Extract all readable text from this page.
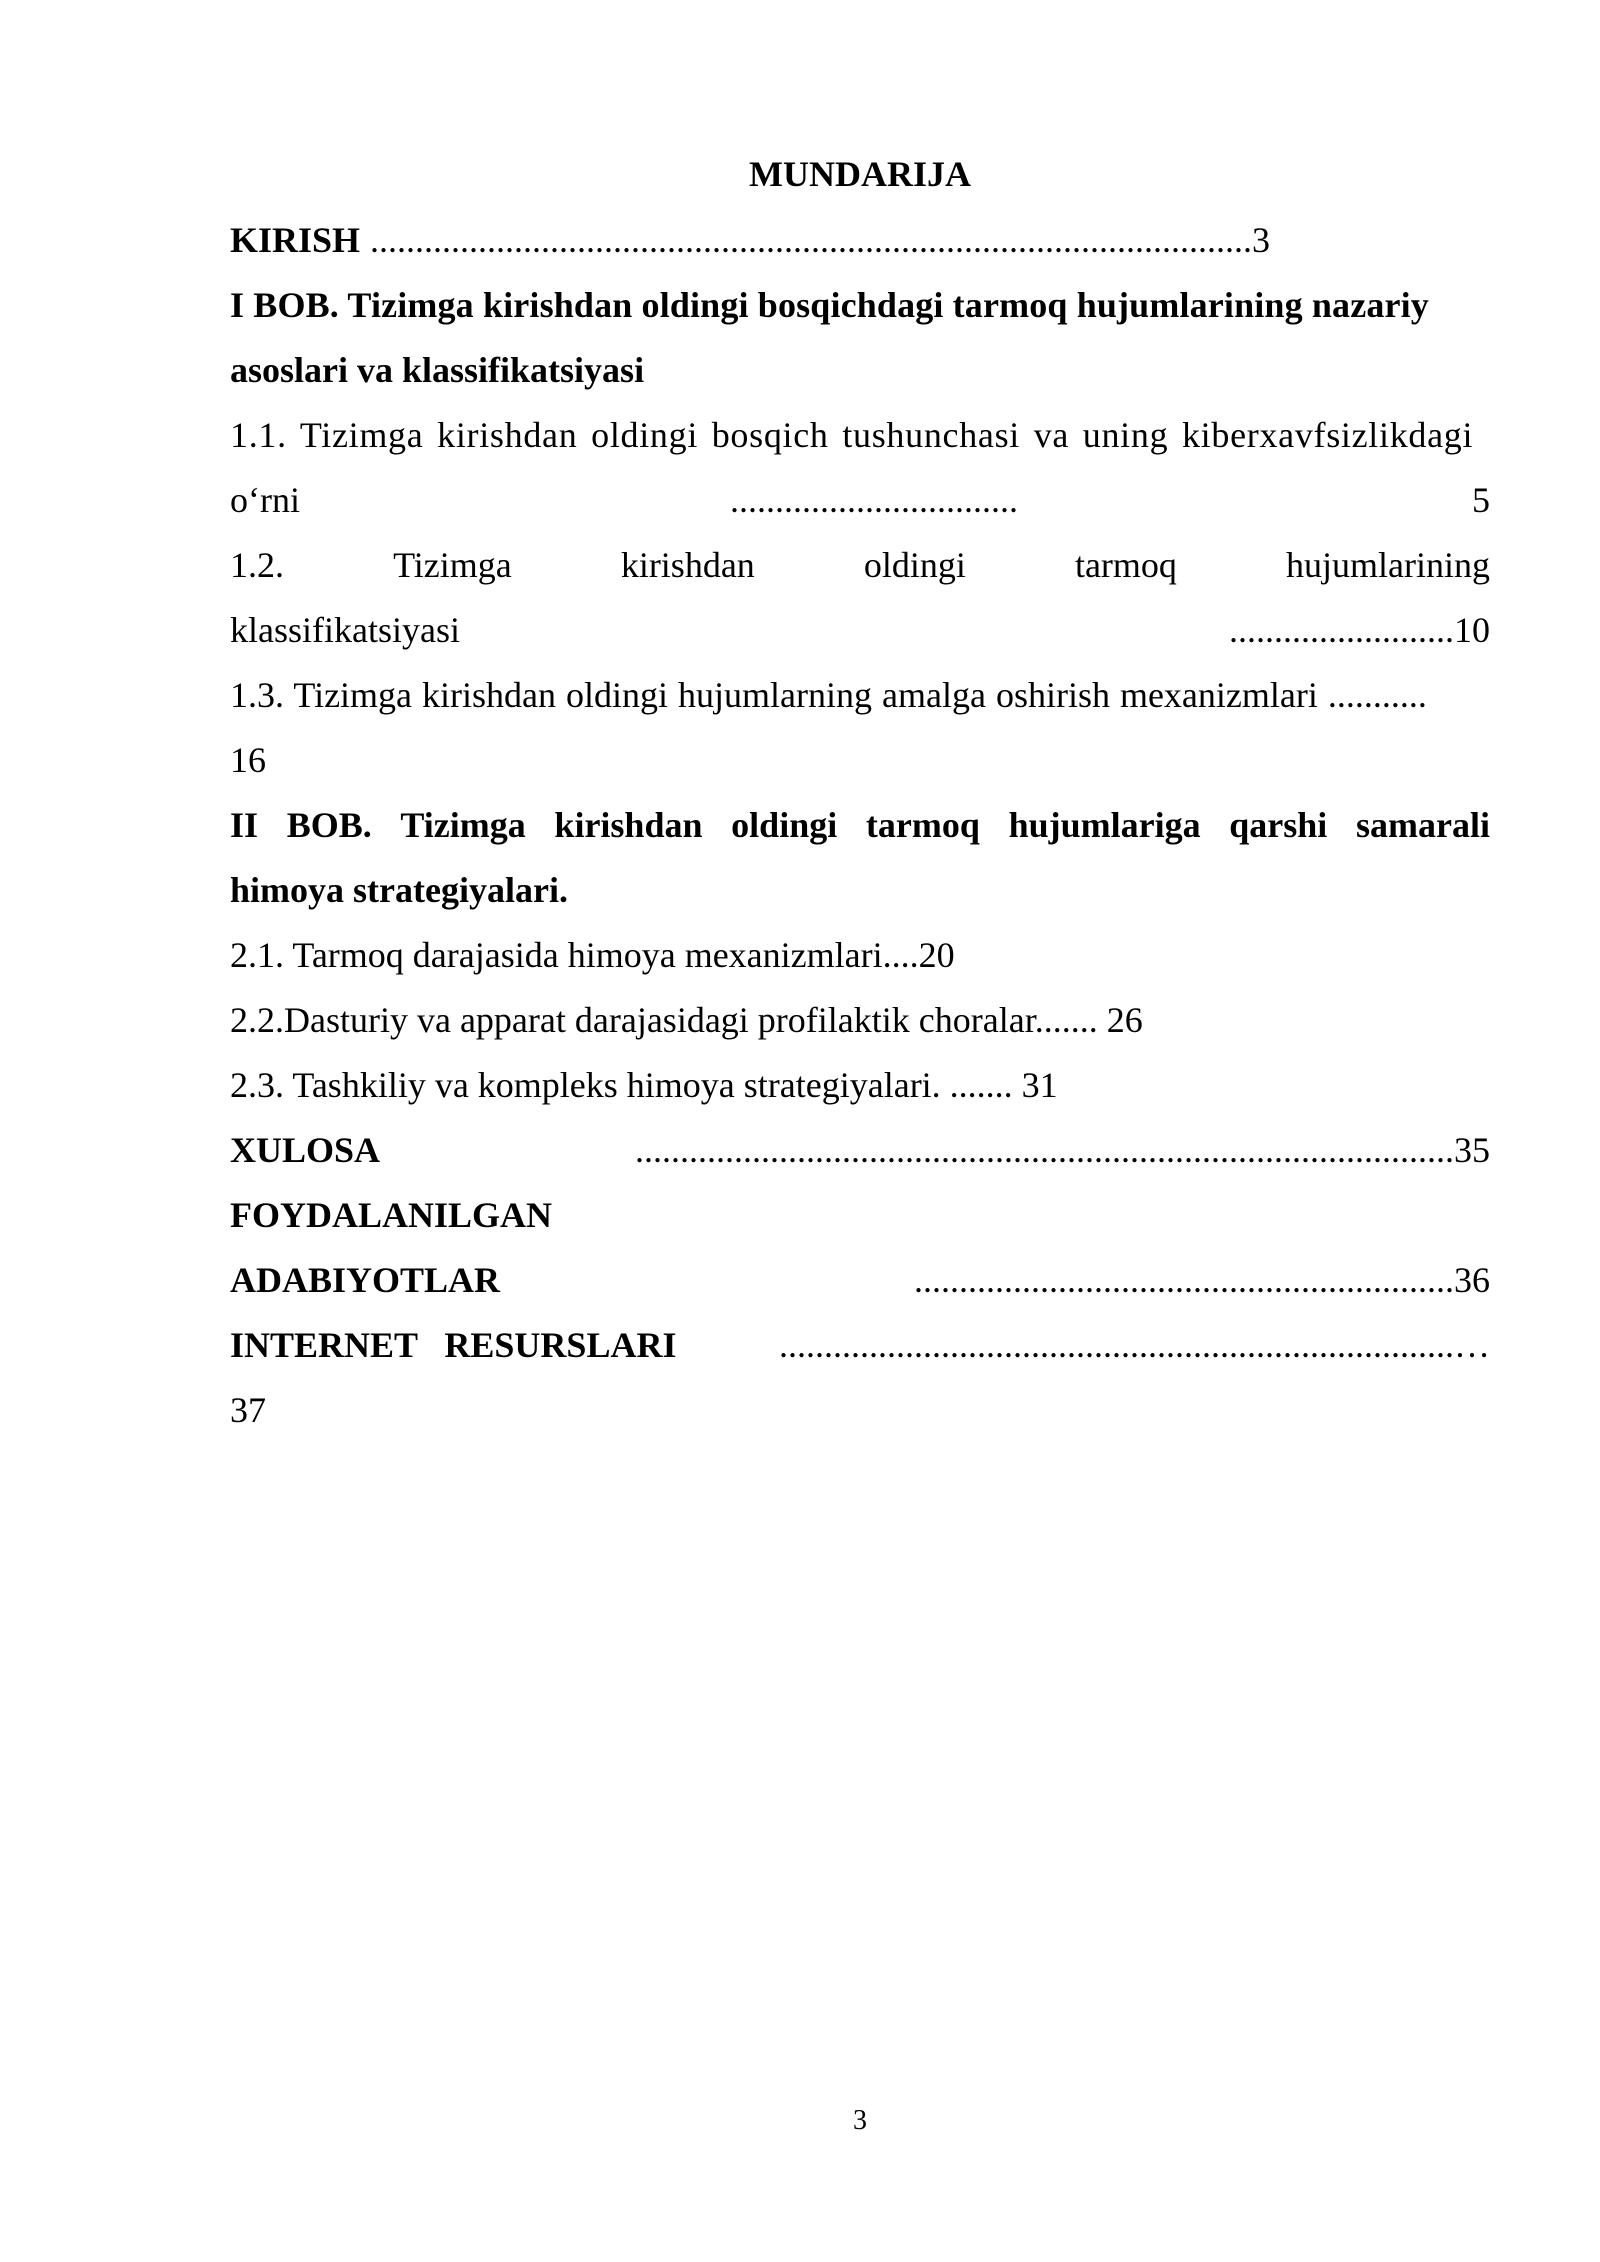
MUNDARIJA
KIRISH ..................................................................................................3
I BOB. Tizimga kirishdan oldingi bosqichdagi tarmoq hujumlarining nazariy
asoslari va klassifikatsiyasi
1.1. Tizimga kirishdan oldingi bosqich tushunchasi va uning kiberxavfsizlikdagi
o‘rni	................................	5
1.2.	Tizimga	kirishdan	oldingi	tarmoq	hujumlarining
klassifikatsiyasi	.........................10
1.3. Tizimga kirishdan oldingi hujumlarning amalga oshirish mexanizmlari ...........
16
II BOB. Tizimga kirishdan oldingi tarmoq hujumlariga qarshi samarali
himoya strategiyalari.
2.1. Tarmoq darajasida himoya mexanizmlari....20
2.2.Dasturiy va apparat darajasidagi profilaktik choralar....... 26
2.3. Tashkiliy va kompleks himoya strategiyalari. ....... 31
XULOSA	...........................................................................................35
FOYDALANILGAN
ADABIYOTLAR	............................................................36
INTERNET   RESURSLARI	...........................................................................…
37
3
